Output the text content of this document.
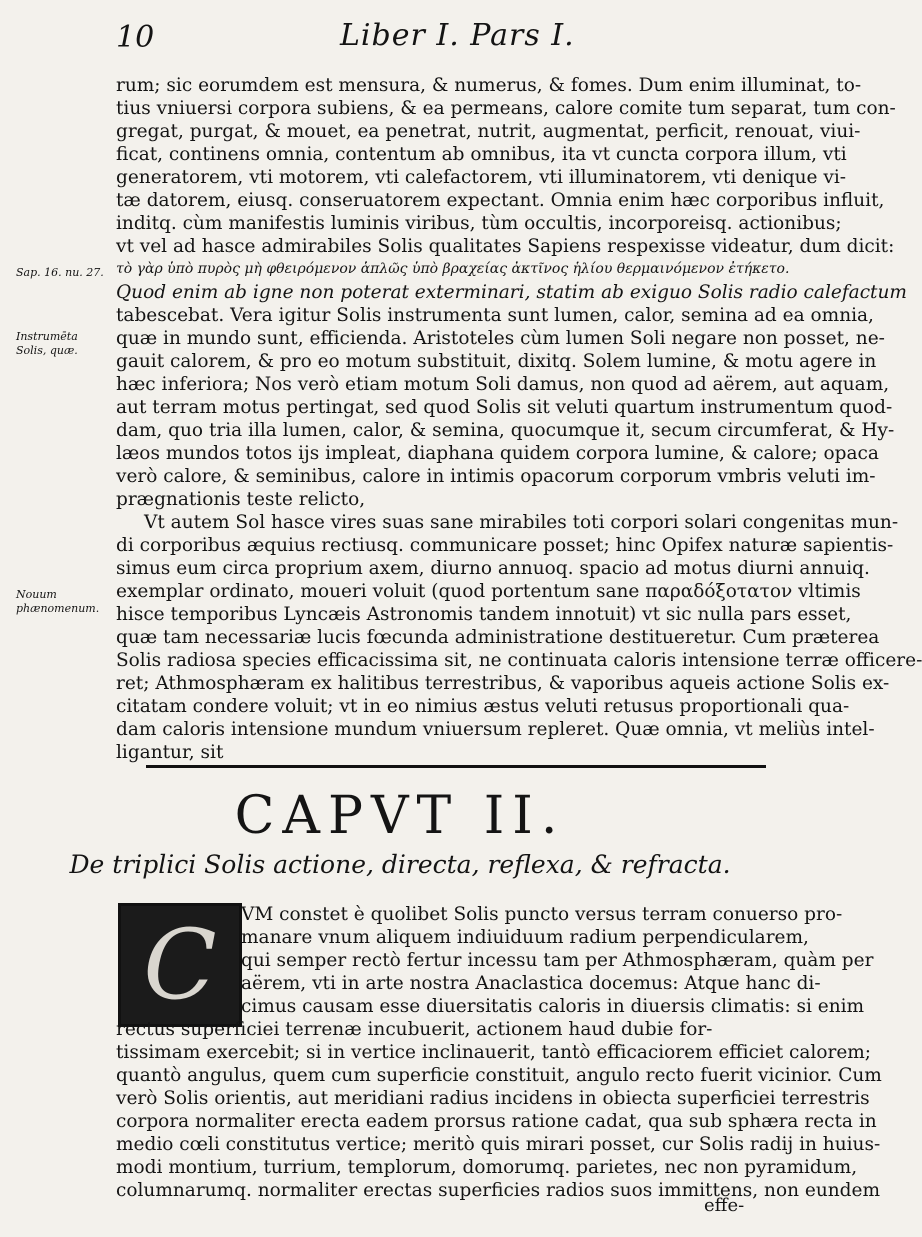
10	Liber I. Pars I.
Sap. 16. nu. 27.
Instrumēta Solis, quæ.
Nouum phænomenum.
rum; sic eorumdem est mensura, & numerus, & fomes. Dum enim illuminat, to-
tius vniuersi corpora subiens, & ea permeans, calore comite tum separat, tum con-
gregat, purgat, & mouet, ea penetrat, nutrit, augmentat, perficit, renouat, viui-
ficat, continens omnia, contentum ab omnibus, ita vt cuncta corpora illum, vti
generatorem, vti motorem, vti calefactorem, vti illuminatorem, vti denique vi-
tæ datorem, eiusq. conseruatorem expectant. Omnia enim hæc corporibus influit,
inditq. cùm manifestis luminis viribus, tùm occultis, incorporeisq. actionibus;
vt vel ad hasce admirabiles Solis qualitates Sapiens respexisse videatur, dum dicit:
τὸ γὰρ ὑπὸ πυρὸς μὴ φθειρόμενον ἁπλῶς ὑπὸ βραχείας ἀκτῖνος ἡλίου θερμαινόμενον ἐτήκετο.
Quod enim ab igne non poterat exterminari, statim ab exiguo Solis radio calefactum
tabescebat. Vera igitur Solis instrumenta sunt lumen, calor, semina ad ea omnia,
quæ in mundo sunt, efficienda. Aristoteles cùm lumen Soli negare non posset, ne-
gauit calorem, & pro eo motum substituit, dixitq. Solem lumine, & motu agere in
hæc inferiora; Nos verò etiam motum Soli damus, non quod ad aërem, aut aquam,
aut terram motus pertingat, sed quod Solis sit veluti quartum instrumentum quod-
dam, quo tria illa lumen, calor, & semina, quocumque it, secum circumferat, & Hy-
læos mundos totos ijs impleat, diaphana quidem corpora lumine, & calore; opaca
verò calore, & seminibus, calore in intimis opacorum corporum vmbris veluti im-
prægnationis teste relicto,
Vt autem Sol hasce vires suas sane mirabiles toti corpori solari congenitas mun-
di corporibus æquius rectiusq. communicare posset; hinc Opifex naturæ sapientis-
simus eum circa proprium axem, diurno annuoq. spacio ad motus diurni annuiq.
exemplar ordinato, moueri voluit (quod portentum sane παραδόξοτατον vltimis
hisce temporibus Lyncæis Astronomis tandem innotuit) vt sic nulla pars esset,
quæ tam necessariæ lucis fœcunda administratione destitueretur. Cum præterea
Solis radiosa species efficacissima sit, ne continuata caloris intensione terræ officere-
ret; Athmosphæram ex halitibus terrestribus, & vaporibus aqueis actione Solis ex-
citatam condere voluit; vt in eo nimius æstus veluti retusus proportionali qua-
dam caloris intensione mundum vniuersum repleret. Quæ omnia, vt meliùs intel-
ligantur, sit
CAPVT II.
De triplici Solis actione, directa, reflexa, & refracta.
C	VM constet è quolibet Solis puncto versus terram conuerso pro-
manare vnum aliquem indiuiduum radium perpendicularem,
qui semper rectò fertur incessu tam per Athmosphæram, quàm per
aërem, vti in arte nostra Anaclastica docemus: Atque hanc di-
cimus causam esse diuersitatis caloris in diuersis climatis: si enim
rectus superficiei terrenæ incubuerit, actionem haud dubie for-
tissimam exercebit; si in vertice inclinauerit, tantò efficaciorem efficiet calorem;
quantò angulus, quem cum superficie constituit, angulo recto fuerit vicinior. Cum
verò Solis orientis, aut meridiani radius incidens in obiecta superficiei terrestris
corpora normaliter erecta eadem prorsus ratione cadat, qua sub sphæra recta in
medio cœli constitutus vertice; meritò quis mirari posset, cur Solis radij in huius-
modi montium, turrium, templorum, domorumq. parietes, nec non pyramidum,
columnarumq. normaliter erectas superficies radios suos immittens, non eundem
effe-
